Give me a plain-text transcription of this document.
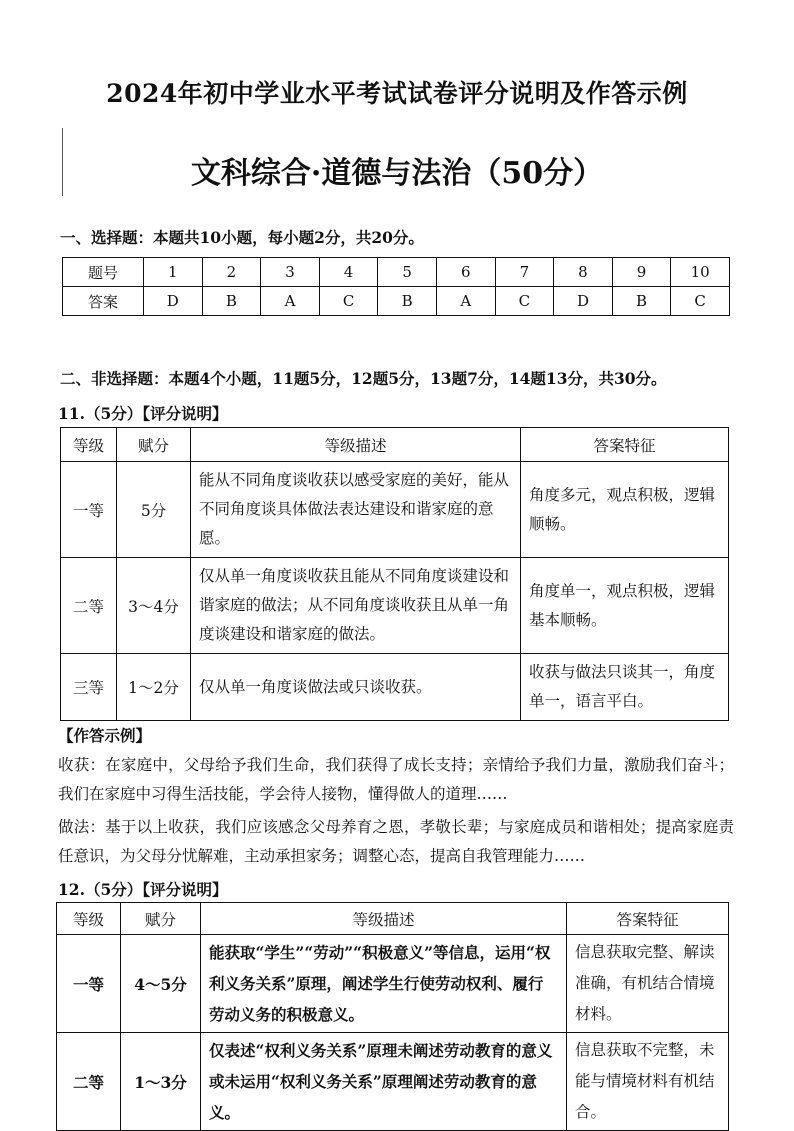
2024年初中学业水平考试试卷评分说明及作答示例
文科综合·道德与法治（50分）
一、选择题：本题共10小题，每小题2分，共20分。
题号	1	2	3	4	5	6	7	8	9	10
答案	D	B	A	C	B	A	C	D	B	C
二、非选择题：本题4个小题，11题5分，12题5分，13题7分，14题13分，共30分。
11.（5分）【评分说明】
等级	赋分	等级描述	答案特征
一等	5分	能从不同角度谈收获以感受家庭的美好，能从不同角度谈具体做法表达建设和谐家庭的意愿。	角度多元，观点积极，逻辑顺畅。
二等	3～4分	仅从单一角度谈收获且能从不同角度谈建设和谐家庭的做法；从不同角度谈收获且从单一角度谈建设和谐家庭的做法。	角度单一，观点积极，逻辑基本顺畅。
三等	1～2分	仅从单一角度谈做法或只谈收获。	收获与做法只谈其一，角度单一，语言平白。
【作答示例】
收获：在家庭中，父母给予我们生命，我们获得了成长支持；亲情给予我们力量，激励我们奋斗；我们在家庭中习得生活技能，学会待人接物，懂得做人的道理……
做法：基于以上收获，我们应该感念父母养育之恩，孝敬长辈；与家庭成员和谐相处；提高家庭责任意识，为父母分忧解难，主动承担家务；调整心态，提高自我管理能力……
12.（5分）【评分说明】
等级	赋分	等级描述	答案特征
一等	4～5分	能获取“学生”“劳动”“积极意义”等信息，运用“权利义务关系”原理，阐述学生行使劳动权利、履行劳动义务的积极意义。	信息获取完整、解读准确，有机结合情境材料。
二等	1～3分	仅表述“权利义务关系”原理未阐述劳动教育的意义或未运用“权利义务关系”原理阐述劳动教育的意义。	信息获取不完整，未能与情境材料有机结合。
